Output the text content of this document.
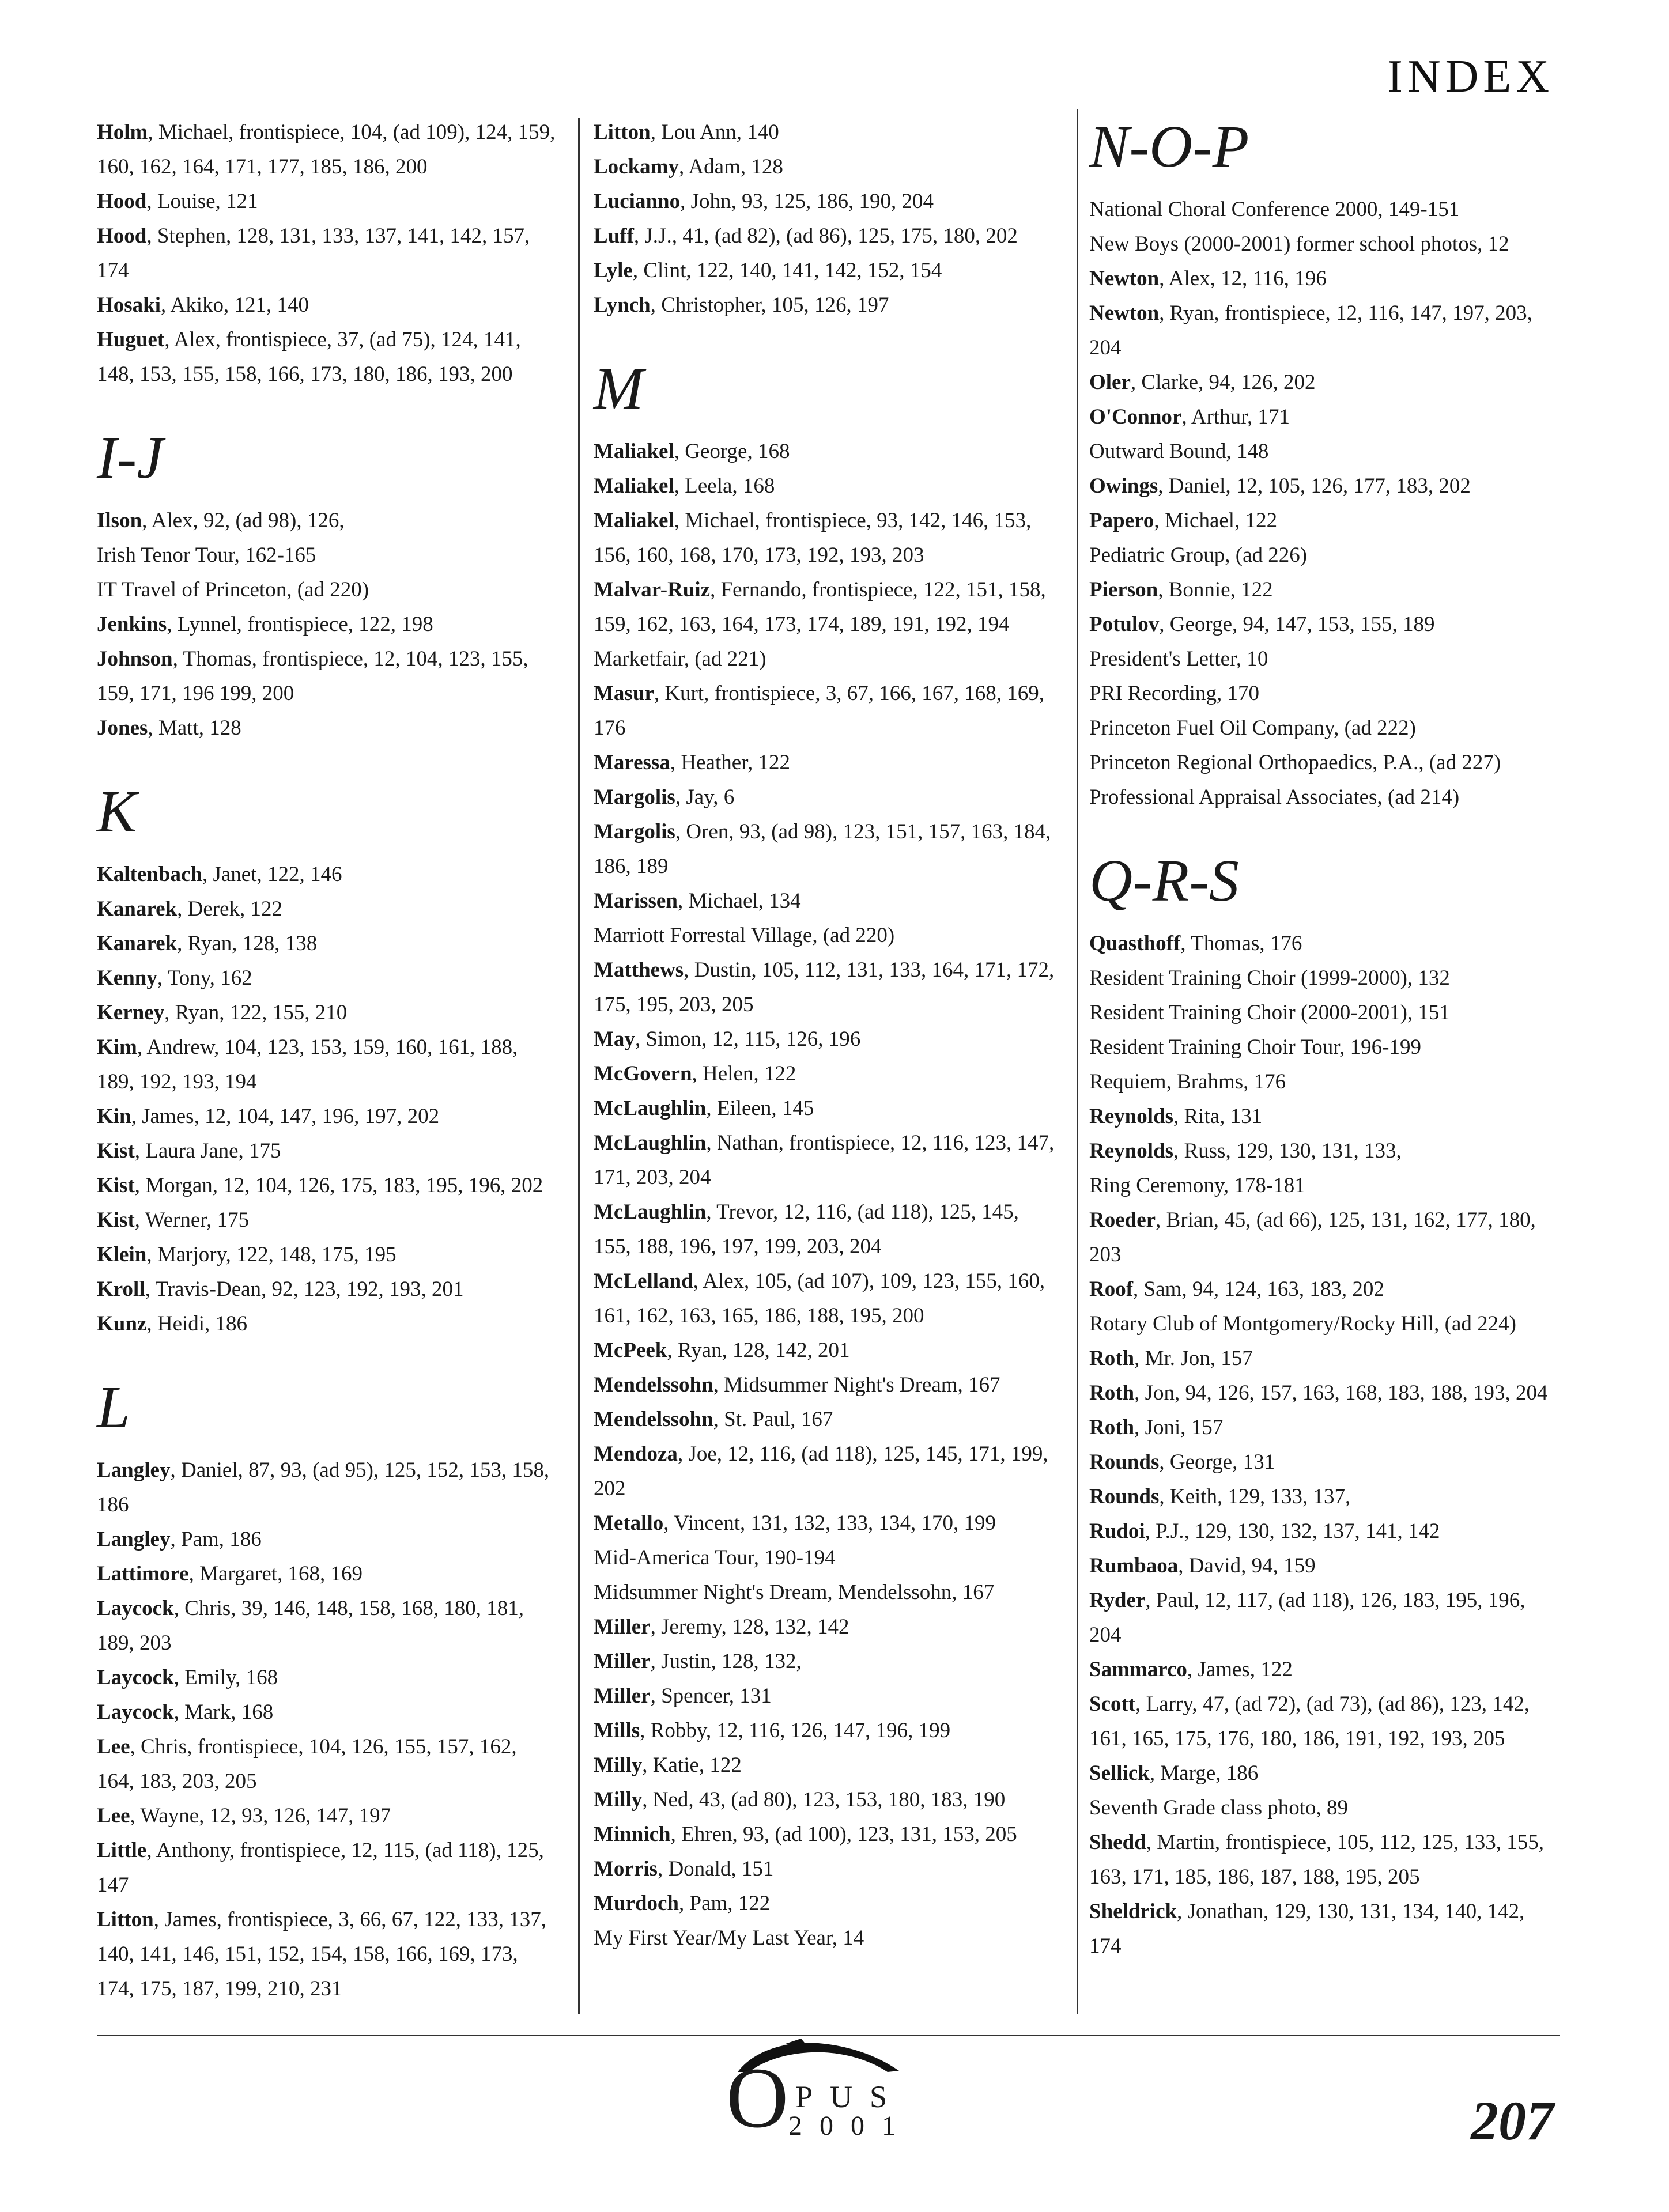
INDEX
Holm, Michael, frontispiece, 104, (ad 109), 124, 159, 160, 162, 164, 171, 177, 185, 186, 200
Hood, Louise, 121
Hood, Stephen, 128, 131, 133, 137, 141, 142, 157, 174
Hosaki, Akiko, 121, 140
Huguet, Alex, frontispiece, 37, (ad 75), 124, 141, 148, 153, 155, 158, 166, 173, 180, 186, 193, 200
I-J
Ilson, Alex, 92, (ad 98), 126,
Irish Tenor Tour, 162-165
IT Travel of Princeton, (ad 220)
Jenkins, Lynnel, frontispiece, 122, 198
Johnson, Thomas, frontispiece, 12, 104, 123, 155, 159, 171, 196 199, 200
Jones, Matt, 128
K
Kaltenbach, Janet, 122, 146
Kanarek, Derek, 122
Kanarek, Ryan, 128, 138
Kenny, Tony, 162
Kerney, Ryan, 122, 155, 210
Kim, Andrew, 104, 123, 153, 159, 160, 161, 188, 189, 192, 193, 194
Kin, James, 12, 104, 147, 196, 197, 202
Kist, Laura Jane, 175
Kist, Morgan, 12, 104, 126, 175, 183, 195, 196, 202
Kist, Werner, 175
Klein, Marjory, 122, 148, 175, 195
Kroll, Travis-Dean, 92, 123, 192, 193, 201
Kunz, Heidi, 186
L
Langley, Daniel, 87, 93, (ad 95), 125, 152, 153, 158, 186
Langley, Pam, 186
Lattimore, Margaret, 168, 169
Laycock, Chris, 39, 146, 148, 158, 168, 180, 181, 189, 203
Laycock, Emily, 168
Laycock, Mark, 168
Lee, Chris, frontispiece, 104, 126, 155, 157, 162, 164, 183, 203, 205
Lee, Wayne, 12, 93, 126, 147, 197
Little, Anthony, frontispiece, 12, 115, (ad 118), 125, 147
Litton, James, frontispiece, 3, 66, 67, 122, 133, 137, 140, 141, 146, 151, 152, 154, 158, 166, 169, 173, 174, 175, 187, 199, 210, 231
Litton, Lou Ann, 140
Lockamy, Adam, 128
Lucianno, John, 93, 125, 186, 190, 204
Luff, J.J., 41, (ad 82), (ad 86), 125, 175, 180, 202
Lyle, Clint, 122, 140, 141, 142, 152, 154
Lynch, Christopher, 105, 126, 197
M
Maliakel, George, 168
Maliakel, Leela, 168
Maliakel, Michael, frontispiece, 93, 142, 146, 153, 156, 160, 168, 170, 173, 192, 193, 203
Malvar-Ruiz, Fernando, frontispiece, 122, 151, 158, 159, 162, 163, 164, 173, 174, 189, 191, 192, 194
Marketfair, (ad 221)
Masur, Kurt, frontispiece, 3, 67, 166, 167, 168, 169, 176
Maressa, Heather, 122
Margolis, Jay, 6
Margolis, Oren, 93, (ad 98), 123, 151, 157, 163, 184, 186, 189
Marissen, Michael, 134
Marriott Forrestal Village, (ad 220)
Matthews, Dustin, 105, 112, 131, 133, 164, 171, 172, 175, 195, 203, 205
May, Simon, 12, 115, 126, 196
McGovern, Helen, 122
McLaughlin, Eileen, 145
McLaughlin, Nathan, frontispiece, 12, 116, 123, 147, 171, 203, 204
McLaughlin, Trevor, 12, 116, (ad 118), 125, 145, 155, 188, 196, 197, 199, 203, 204
McLelland, Alex, 105, (ad 107), 109, 123, 155, 160, 161, 162, 163, 165, 186, 188, 195, 200
McPeek, Ryan, 128, 142, 201
Mendelssohn, Midsummer Night's Dream, 167
Mendelssohn, St. Paul, 167
Mendoza, Joe, 12, 116, (ad 118), 125, 145, 171, 199, 202
Metallo, Vincent, 131, 132, 133, 134, 170, 199
Mid-America Tour, 190-194
Midsummer Night's Dream, Mendelssohn, 167
Miller, Jeremy, 128, 132, 142
Miller, Justin, 128, 132,
Miller, Spencer, 131
Mills, Robby, 12, 116, 126, 147, 196, 199
Milly, Katie, 122
Milly, Ned, 43, (ad 80), 123, 153, 180, 183, 190
Minnich, Ehren, 93, (ad 100), 123, 131, 153, 205
Morris, Donald, 151
Murdoch, Pam, 122
My First Year/My Last Year, 14
N-O-P
National Choral Conference 2000, 149-151
New Boys (2000-2001) former school photos, 12
Newton, Alex, 12, 116, 196
Newton, Ryan, frontispiece, 12, 116, 147, 197, 203, 204
Oler, Clarke, 94, 126, 202
O'Connor, Arthur, 171
Outward Bound, 148
Owings, Daniel, 12, 105, 126, 177, 183, 202
Papero, Michael, 122
Pediatric Group, (ad 226)
Pierson, Bonnie, 122
Potulov, George, 94, 147, 153, 155, 189
President's Letter, 10
PRI Recording, 170
Princeton Fuel Oil Company, (ad 222)
Princeton Regional Orthopaedics, P.A., (ad 227)
Professional Appraisal Associates, (ad 214)
Q-R-S
Quasthoff, Thomas, 176
Resident Training Choir (1999-2000), 132
Resident Training Choir (2000-2001), 151
Resident Training Choir Tour, 196-199
Requiem, Brahms, 176
Reynolds, Rita, 131
Reynolds, Russ, 129, 130, 131, 133,
Ring Ceremony, 178-181
Roeder, Brian, 45, (ad 66), 125, 131, 162, 177, 180, 203
Roof, Sam, 94, 124, 163, 183, 202
Rotary Club of Montgomery/Rocky Hill, (ad 224)
Roth, Mr. Jon, 157
Roth, Jon, 94, 126, 157, 163, 168, 183, 188, 193, 204
Roth, Joni, 157
Rounds, George, 131
Rounds, Keith, 129, 133, 137,
Rudoi, P.J., 129, 130, 132, 137, 141, 142
Rumbaoa, David, 94, 159
Ryder, Paul, 12, 117, (ad 118), 126, 183, 195, 196, 204
Sammarco, James, 122
Scott, Larry, 47, (ad 72), (ad 73), (ad 86), 123, 142, 161, 165, 175, 176, 180, 186, 191, 192, 193, 205
Sellick, Marge, 186
Seventh Grade class photo, 89
Shedd, Martin, frontispiece, 105, 112, 125, 133, 155, 163, 171, 185, 186, 187, 188, 195, 205
Sheldrick, Jonathan, 129, 130, 131, 134, 140, 142, 174
O PUS
2001	207
